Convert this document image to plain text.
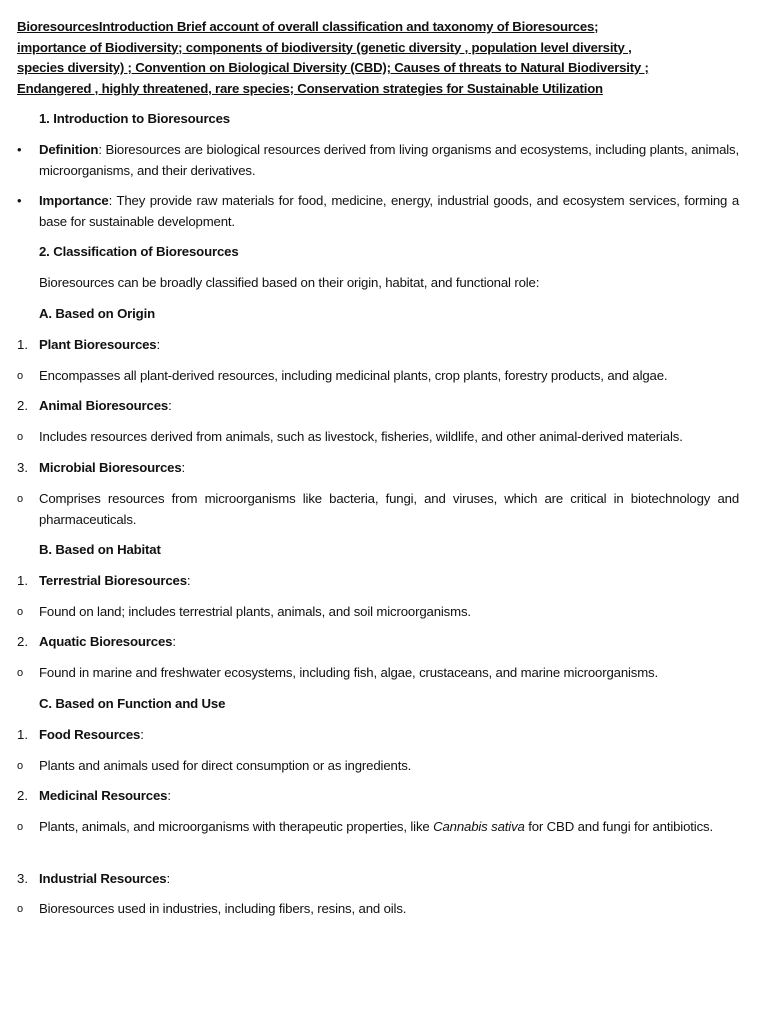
BioresourcesIntroduction Brief account of overall classification and taxonomy of Bioresources;
importance of Biodiversity; components of biodiversity (genetic diversity , population level diversity ,
species diversity) ; Convention on Biological Diversity (CBD); Causes of threats to Natural Biodiversity ;
Endangered , highly threatened, rare species; Conservation strategies for Sustainable Utilization
1. Introduction to Bioresources
• Definition: Bioresources are biological resources derived from living organisms and ecosystems, including plants, animals, microorganisms, and their derivatives.
• Importance: They provide raw materials for food, medicine, energy, industrial goods, and ecosystem services, forming a base for sustainable development.
2. Classification of Bioresources
Bioresources can be broadly classified based on their origin, habitat, and functional role:
A. Based on Origin
1. Plant Bioresources:
o Encompasses all plant-derived resources, including medicinal plants, crop plants, forestry products, and algae.
2. Animal Bioresources:
o Includes resources derived from animals, such as livestock, fisheries, wildlife, and other animal-derived materials.
3. Microbial Bioresources:
o Comprises resources from microorganisms like bacteria, fungi, and viruses, which are critical in biotechnology and pharmaceuticals.
B. Based on Habitat
1. Terrestrial Bioresources:
o Found on land; includes terrestrial plants, animals, and soil microorganisms.
2. Aquatic Bioresources:
o Found in marine and freshwater ecosystems, including fish, algae, crustaceans, and marine microorganisms.
C. Based on Function and Use
1. Food Resources:
o Plants and animals used for direct consumption or as ingredients.
2. Medicinal Resources:
o Plants, animals, and microorganisms with therapeutic properties, like Cannabis sativa for CBD and fungi for antibiotics.
3. Industrial Resources:
o Bioresources used in industries, including fibers, resins, and oils.
